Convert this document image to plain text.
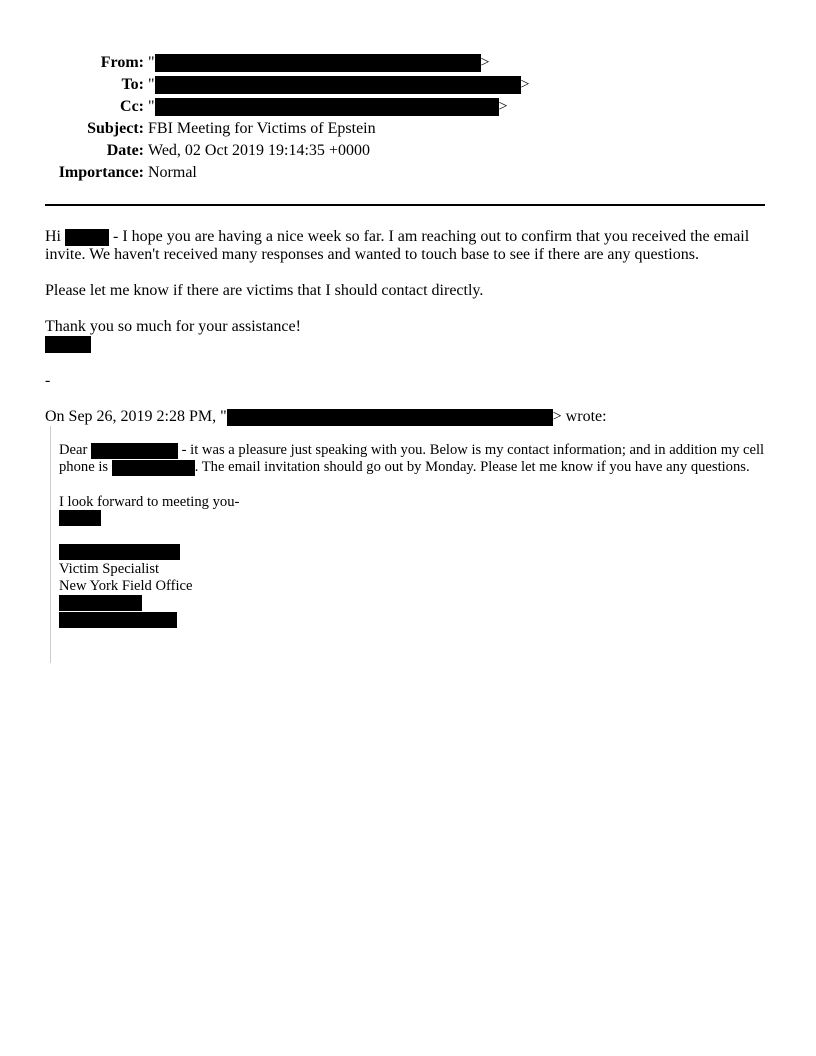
From: "	>
To: "	>
Cc: "	>
Subject: FBI Meeting for Victims of Epstein
Date: Wed, 02 Oct 2019 19:14:35 +0000
Importance: Normal

Hi	- I hope you are having a nice week so far. I am reaching out to confirm that you received the email invite. We haven't received many responses and wanted to touch base to see if there are any questions.

Please let me know if there are victims that I should contact directly.

Thank you so much for your assistance!

-

On Sep 26, 2019 2:28 PM, "	> wrote:

Dear	- it was a pleasure just speaking with you. Below is my contact information; and in addition my cell phone is	. The email invitation should go out by Monday. Please let me know if you have any questions.

I look forward to meeting you-

Victim Specialist

New York Field Office
